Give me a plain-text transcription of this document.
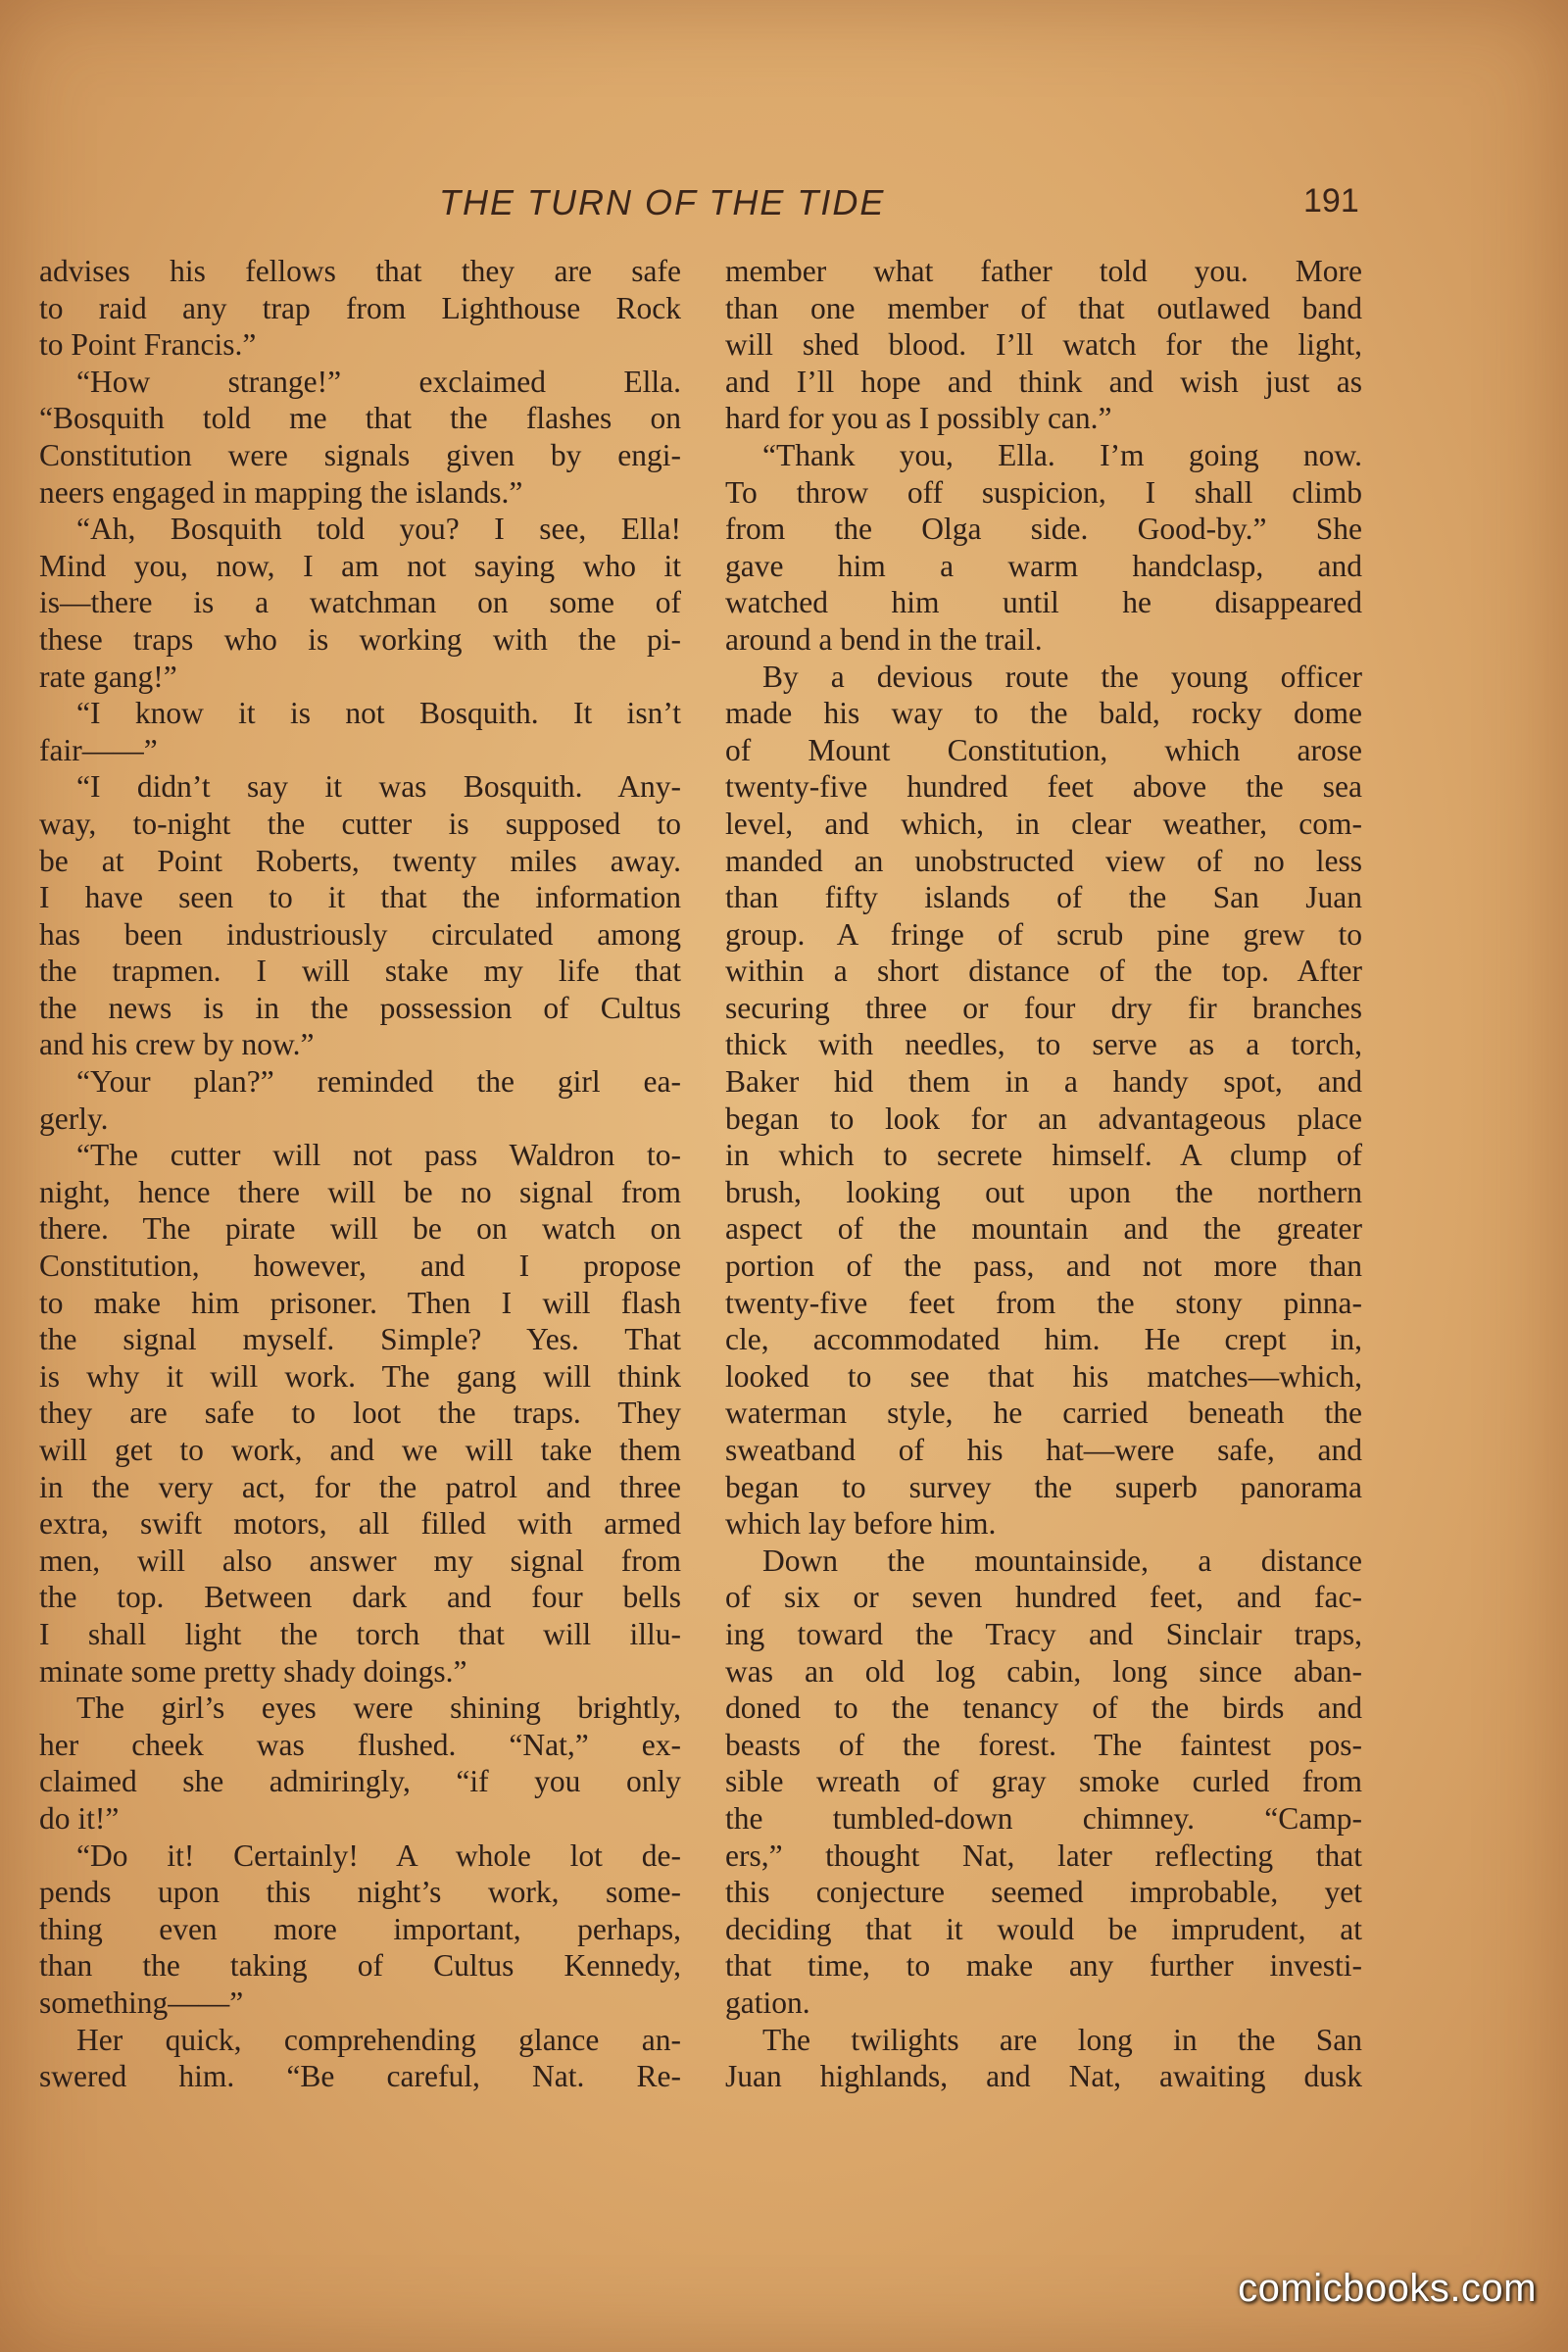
THE TURN OF THE TIDE	191
advises his fellows that they are safe
to raid any trap from Lighthouse Rock
to Point Francis.”
“How strange!” exclaimed Ella.
“Bosquith told me that the flashes on
Constitution were signals given by engi-
neers engaged in mapping the islands.”
“Ah, Bosquith told you? I see, Ella!
Mind you, now, I am not saying who it
is—there is a watchman on some of
these traps who is working with the pi-
rate gang!”
“I know it is not Bosquith. It isn’t
fair——”
“I didn’t say it was Bosquith. Any-
way, to-night the cutter is supposed to
be at Point Roberts, twenty miles away.
I have seen to it that the information
has been industriously circulated among
the trapmen. I will stake my life that
the news is in the possession of Cultus
and his crew by now.”
“Your plan?” reminded the girl ea-
gerly.
“The cutter will not pass Waldron to-
night, hence there will be no signal from
there. The pirate will be on watch on
Constitution, however, and I propose
to make him prisoner. Then I will flash
the signal myself. Simple? Yes. That
is why it will work. The gang will think
they are safe to loot the traps. They
will get to work, and we will take them
in the very act, for the patrol and three
extra, swift motors, all filled with armed
men, will also answer my signal from
the top. Between dark and four bells
I shall light the torch that will illu-
minate some pretty shady doings.”
The girl’s eyes were shining brightly,
her cheek was flushed. “Nat,” ex-
claimed she admiringly, “if you only
do it!”
“Do it! Certainly! A whole lot de-
pends upon this night’s work, some-
thing even more important, perhaps,
than the taking of Cultus Kennedy,
something——”
Her quick, comprehending glance an-
swered him. “Be careful, Nat. Re-
member what father told you. More
than one member of that outlawed band
will shed blood. I’ll watch for the light,
and I’ll hope and think and wish just as
hard for you as I possibly can.”
“Thank you, Ella. I’m going now.
To throw off suspicion, I shall climb
from the Olga side. Good-by.” She
gave him a warm handclasp, and
watched him until he disappeared
around a bend in the trail.
By a devious route the young officer
made his way to the bald, rocky dome
of Mount Constitution, which arose
twenty-five hundred feet above the sea
level, and which, in clear weather, com-
manded an unobstructed view of no less
than fifty islands of the San Juan
group. A fringe of scrub pine grew to
within a short distance of the top. After
securing three or four dry fir branches
thick with needles, to serve as a torch,
Baker hid them in a handy spot, and
began to look for an advantageous place
in which to secrete himself. A clump of
brush, looking out upon the northern
aspect of the mountain and the greater
portion of the pass, and not more than
twenty-five feet from the stony pinna-
cle, accommodated him. He crept in,
looked to see that his matches—which,
waterman style, he carried beneath the
sweatband of his hat—were safe, and
began to survey the superb panorama
which lay before him.
Down the mountainside, a distance
of six or seven hundred feet, and fac-
ing toward the Tracy and Sinclair traps,
was an old log cabin, long since aban-
doned to the tenancy of the birds and
beasts of the forest. The faintest pos-
sible wreath of gray smoke curled from
the tumbled-down chimney. “Camp-
ers,” thought Nat, later reflecting that
this conjecture seemed improbable, yet
deciding that it would be imprudent, at
that time, to make any further investi-
gation.
The twilights are long in the San
Juan highlands, and Nat, awaiting dusk
comicbooks.com
